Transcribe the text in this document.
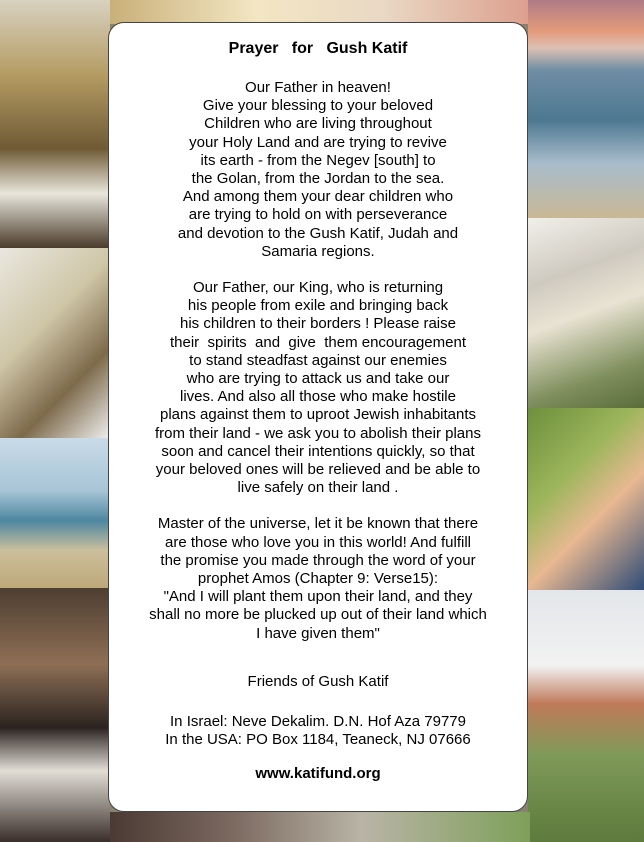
Prayer   for   Gush Katif
Our Father in heaven!
Give your blessing to your beloved
Children who are living throughout
your Holy Land and are trying to revive
its earth - from the Negev [south] to
the Golan, from the Jordan to the sea.
And among them your dear children who
are trying to hold on with perseverance
and devotion to the Gush Katif, Judah and
Samaria regions.
Our Father, our King, who is returning
his people from exile and bringing back
his children to their borders ! Please raise
their  spirits  and  give  them encouragement
to stand steadfast against our enemies
who are trying to attack us and take our
lives. And also all those who make hostile
plans against them to uproot Jewish inhabitants
from their land - we ask you to abolish their plans
soon and cancel their intentions quickly, so that
your beloved ones will be relieved and be able to
live safely on their land .
Master of the universe, let it be known that there
are those who love you in this world! And fulfill
the promise you made through the word of your
prophet Amos (Chapter 9: Verse15):
"And I will plant them upon their land, and they
shall no more be plucked up out of their land which
I have given them"
Friends of Gush Katif
In Israel: Neve Dekalim. D.N. Hof Aza 79779
In the USA: PO Box 1184, Teaneck, NJ 07666
www.katifund.org
